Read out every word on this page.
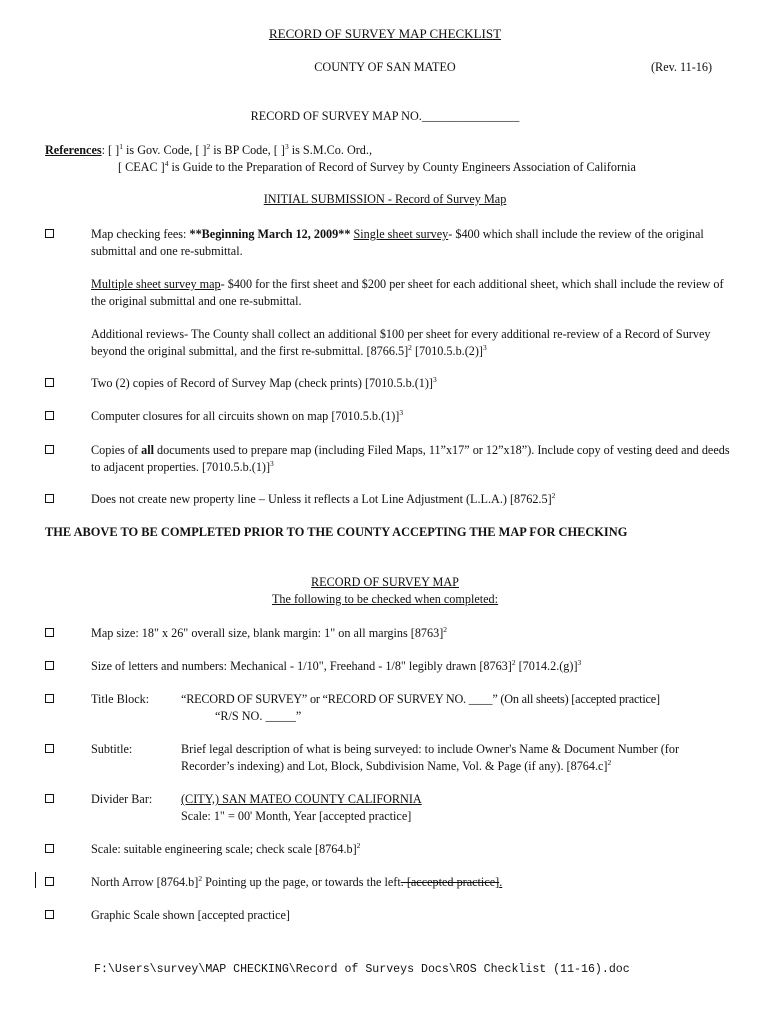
RECORD OF SURVEY MAP CHECKLIST
COUNTY OF SAN MATEO	(Rev. 11-16)
RECORD OF SURVEY MAP NO.________________
References: [ ]$^1$ is Gov. Code, [ ]$^2$ is BP Code, [ ]$^3$ is S.M.Co. Ord.,
[ CEAC ]$^4$ is Guide to the Preparation of Record of Survey by County Engineers Association of California
INITIAL SUBMISSION - Record of Survey Map
Map checking fees: **Beginning March 12, 2009** Single sheet survey- $400 which shall include the review of the original submittal and one re-submittal.
Multiple sheet survey map- $400 for the first sheet and $200 per sheet for each additional sheet, which shall include the review of the original submittal and one re-submittal.
Additional reviews- The County shall collect an additional $100 per sheet for every additional re-review of a Record of Survey beyond the original submittal, and the first re-submittal. $[8766.5]^2$ $[7010.5.b.(2)]^3$
Two (2) copies of Record of Survey Map (check prints) $[7010.5.b.(1)]^3$
Computer closures for all circuits shown on map $[7010.5.b.(1)]^3$
Copies of all documents used to prepare map (including Filed Maps, 11”x17” or 12”x18”). Include copy of vesting deed and deeds to adjacent properties. $[7010.5.b.(1)]^3$
Does not create new property line – Unless it reflects a Lot Line Adjustment (L.L.A.) $[8762.5]^2$
THE ABOVE TO BE COMPLETED PRIOR TO THE COUNTY ACCEPTING THE MAP FOR CHECKING
RECORD OF SURVEY MAP
The following to be checked when completed:
Map size: 18" x 26" overall size, blank margin: 1" on all margins $[8763]^2$
Size of letters and numbers: Mechanical - 1/10", Freehand - 1/8" legibly drawn $[8763]^2$ $[7014.2.(g)]^3$
Title Block:	“RECORD OF SURVEY” or “RECORD OF SURVEY NO. ____” (On all sheets) [accepted practice]
“R/S NO. _____”
Subtitle:	Brief legal description of what is being surveyed: to include Owner's Name & Document Number (for Recorder’s indexing) and Lot, Block, Subdivision Name, Vol. & Page (if any). $[8764.c]^2$
Divider Bar:	(CITY,) SAN MATEO COUNTY CALIFORNIA
Scale: 1" = 00' Month, Year [accepted practice]
Scale: suitable engineering scale; check scale $[8764.b]^2$
North Arrow $[8764.b]^2$ Pointing up the page, or towards the left. [accepted practice].
Graphic Scale shown [accepted practice]
F:\Users\survey\MAP CHECKING\Record of Surveys Docs\ROS Checklist (11-16).doc
